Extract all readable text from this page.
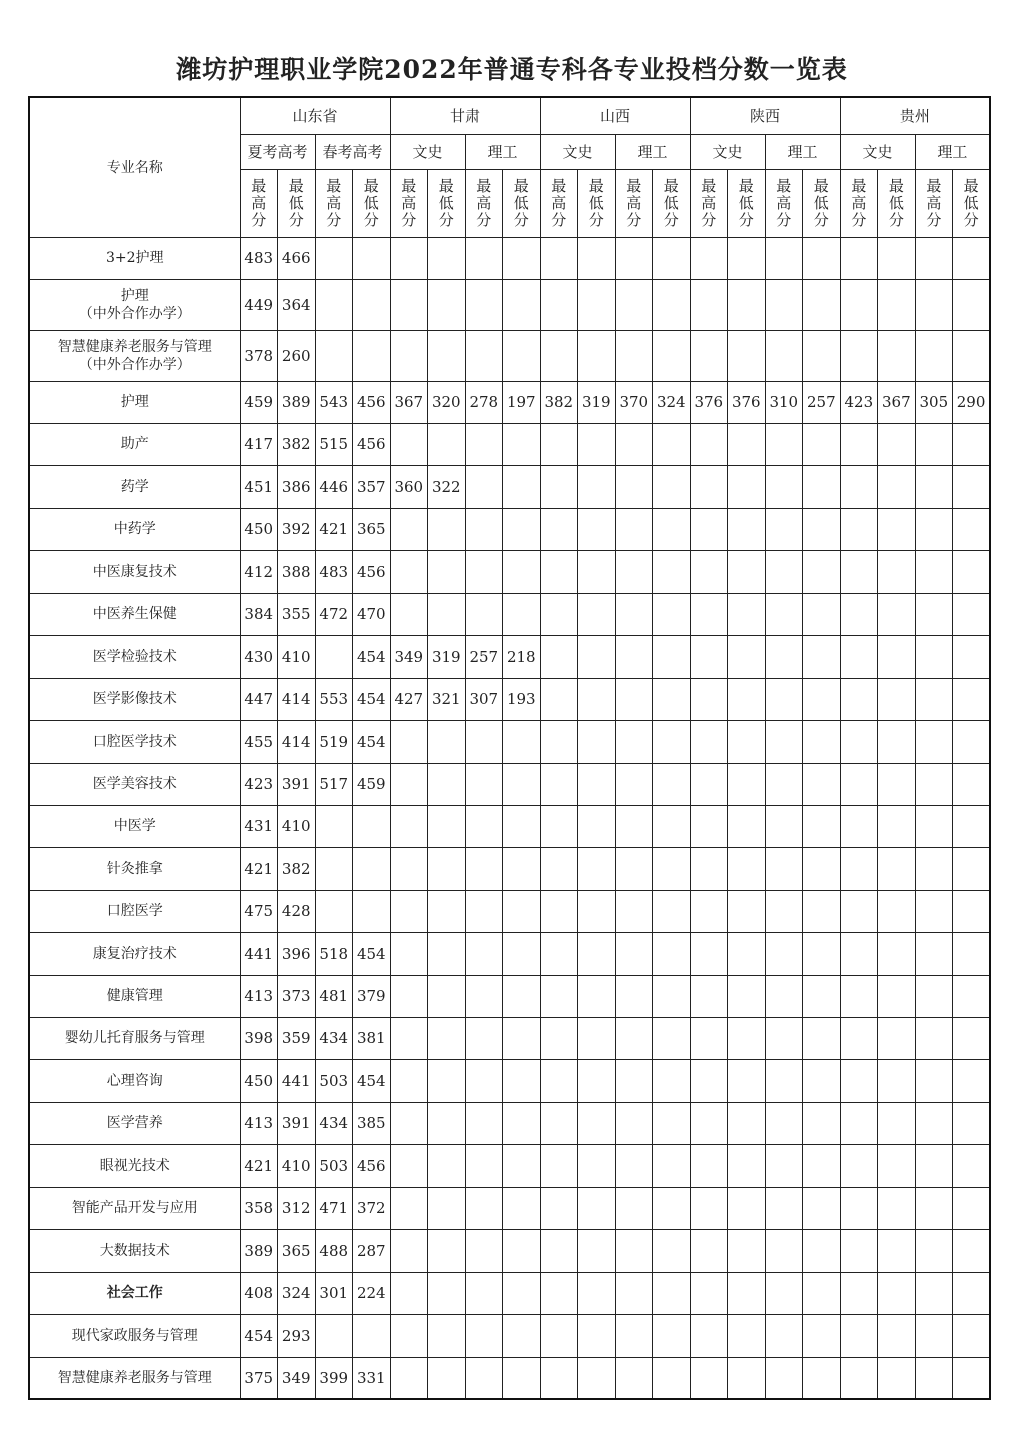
潍坊护理职业学院2022年普通专科各专业投档分数一览表
专业名称	山东省				甘肃				山西				陕西				贵州			
	夏考高考		春考高考		文史		理工		文史		理工		文史		理工		文史		理工	
	最高分	最低分	最高分	最低分	最高分	最低分	最高分	最低分	最高分	最低分	最高分	最低分	最高分	最低分	最高分	最低分	最高分	最低分	最高分	最低分

3+2护理	483	466																		

护理
（中外合作办学）	449	364																		

智慧健康养老服务与管理
（中外合作办学）	378	260																		

护理	459	389	543	456	367	320	278	197	382	319	370	324	376	376	310	257	423	367	305	290

助产	417	382	515	456																

药学	451	386	446	357	360	322														

中药学	450	392	421	365																

中医康复技术	412	388	483	456																

中医养生保健	384	355	472	470																

医学检验技术	430	410		454	349	319	257	218												

医学影像技术	447	414	553	454	427	321	307	193												

口腔医学技术	455	414	519	454																

医学美容技术	423	391	517	459																

中医学	431	410																		

针灸推拿	421	382																		

口腔医学	475	428																		

康复治疗技术	441	396	518	454																

健康管理	413	373	481	379																

婴幼儿托育服务与管理	398	359	434	381																

心理咨询	450	441	503	454																

医学营养	413	391	434	385																

眼视光技术	421	410	503	456																

智能产品开发与应用	358	312	471	372																

大数据技术	389	365	488	287																

社会工作	408	324	301	224																

现代家政服务与管理	454	293																		

智慧健康养老服务与管理	375	349	399	331																
